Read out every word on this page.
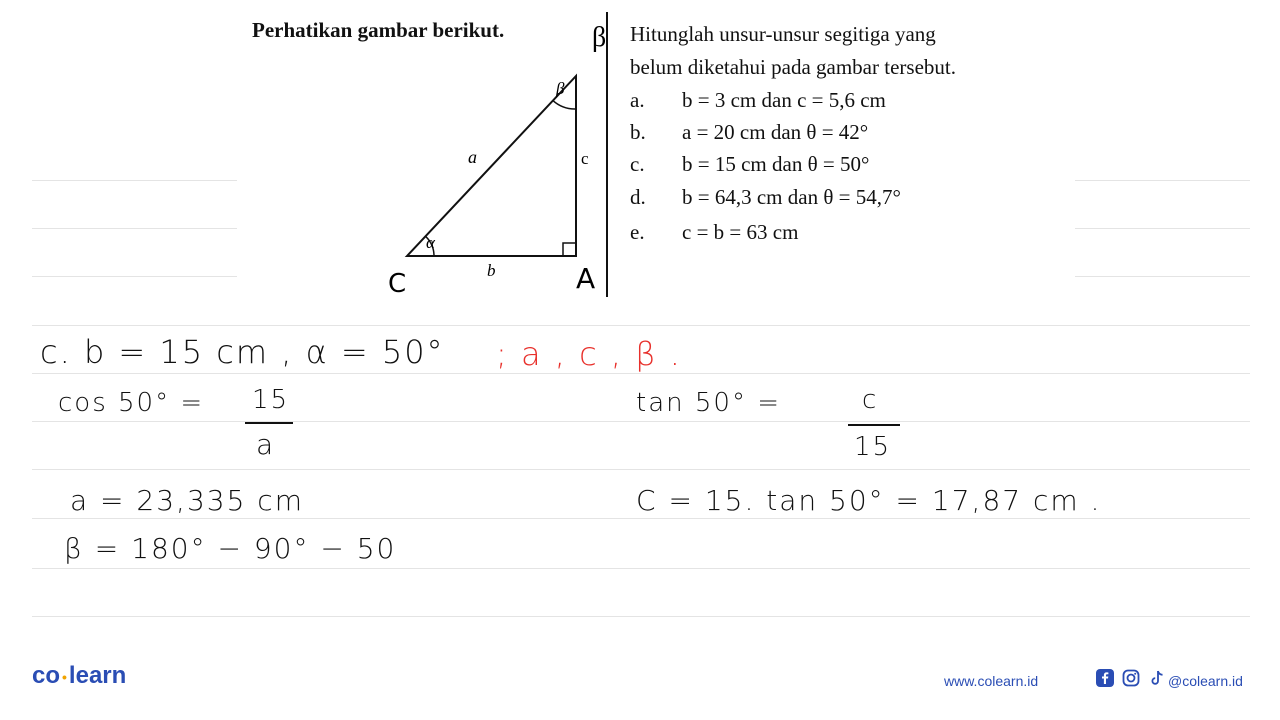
Perhatikan gambar berikut.	β
β
α
a	c
b
C	A
Hitunglah unsur-unsur segitiga yang
belum diketahui pada gambar tersebut.
a. b = 3 cm dan c = 5,6 cm
b. a = 20 cm dan θ = 42°
c. b = 15 cm dan θ = 50°
d. b = 64,3 cm dan θ = 54,7°
e. c = b = 63 cm
c. b = 15 cm , α = 50° ; a , c , β .
cos 50° = 15
a
tan 50° =	c
15
a = 23,335 cm	C = 15. tan 50° = 17,87 cm .
β = 180° − 90° − 50
co •learn	www.colearn.id	@colearn.id
